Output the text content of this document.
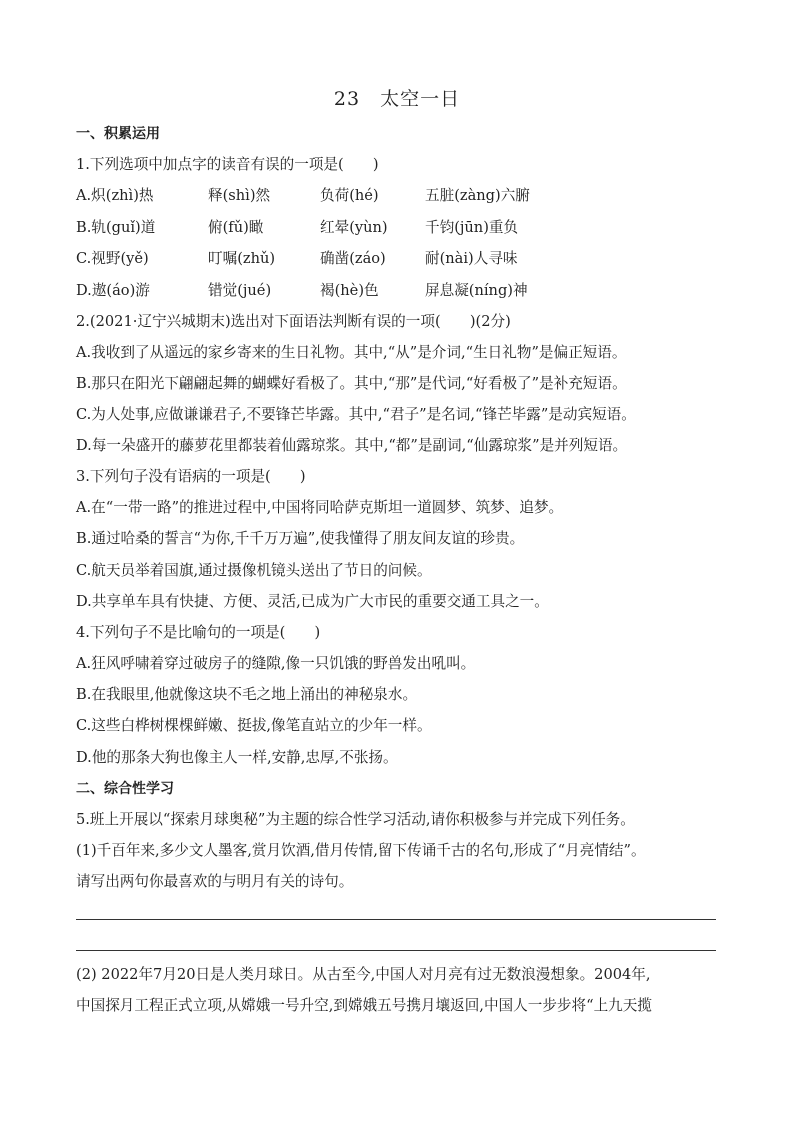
23　太空一日
一、积累运用
1.下列选项中加点字的读音有误的一项是(　　)
A.炽(zhì)热	释(shì)然	负荷(hé)	五脏(zàng)六腑
B.轨(guǐ)道	俯(fǔ)瞰	红晕(yùn)	千钧(jūn)重负
C.视野(yě)	叮嘱(zhǔ)	确凿(záo)	耐(nài)人寻味
D.遨(áo)游	错觉(jué)	褐(hè)色	屏息凝(níng)神
2.(2021·辽宁兴城期末)选出对下面语法判断有误的一项(　　)(2分)
A.我收到了从遥远的家乡寄来的生日礼物。其中,“从”是介词,“生日礼物”是偏正短语。
B.那只在阳光下翩翩起舞的蝴蝶好看极了。其中,“那”是代词,“好看极了”是补充短语。
C.为人处事,应做谦谦君子,不要锋芒毕露。其中,“君子”是名词,“锋芒毕露”是动宾短语。
D.每一朵盛开的藤萝花里都装着仙露琼浆。其中,“都”是副词,“仙露琼浆”是并列短语。
3.下列句子没有语病的一项是(　　)
A.在“一带一路”的推进过程中,中国将同哈萨克斯坦一道圆梦、筑梦、追梦。
B.通过哈桑的誓言“为你,千千万万遍”,使我懂得了朋友间友谊的珍贵。
C.航天员举着国旗,通过摄像机镜头送出了节日的问候。
D.共享单车具有快捷、方便、灵活,已成为广大市民的重要交通工具之一。
4.下列句子不是比喻句的一项是(　　)
A.狂风呼啸着穿过破房子的缝隙,像一只饥饿的野兽发出吼叫。
B.在我眼里,他就像这块不毛之地上涌出的神秘泉水。
C.这些白桦树棵棵鲜嫩、挺拔,像笔直站立的少年一样。
D.他的那条大狗也像主人一样,安静,忠厚,不张扬。
二、综合性学习
5.班上开展以“探索月球奥秘”为主题的综合性学习活动,请你积极参与并完成下列任务。
(1)千百年来,多少文人墨客,赏月饮酒,借月传情,留下传诵千古的名句,形成了“月亮情结”。
请写出两句你最喜欢的与明月有关的诗句。
(2) 2022年7月20日是人类月球日。从古至今,中国人对月亮有过无数浪漫想象。2004年,
中国探月工程正式立项,从嫦娥一号升空,到嫦娥五号携月壤返回,中国人一步步将“上九天揽
